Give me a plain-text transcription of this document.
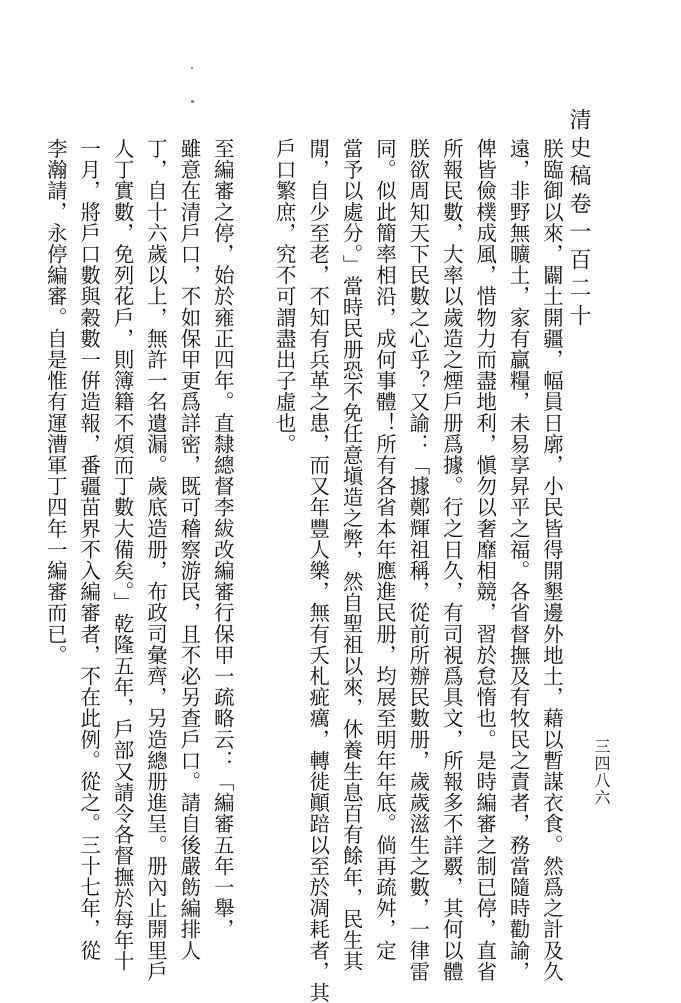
清史稿卷一百二十
朕臨御以來，闢土開疆，幅員日廓，小民皆得開墾邊外地土，藉以暫謀衣食。然爲之計及久
遠，非野無曠土，家有贏糧，未易享昇平之福。各省督撫及有牧民之責者，務當隨時勸諭，
俾皆儉樸成風，惜物力而盡地利，愼勿以奢靡相競，習於怠惰也。是時編審之制已停，直省
所報民數，大率以歲造之煙戶册爲據。行之日久，有司視爲具文，所報多不詳覈，其何以體
朕欲周知天下民數之心乎？又諭：「據鄭輝祖稱，從前所辦民數册，歲歲滋生之數，一律雷
同。似此簡率相沿，成何事體！所有各省本年應進民册，均展至明年年底。倘再疏舛，定
當予以處分。」當時民册恐不免任意塡造之弊，然自聖祖以來，休養生息百有餘年，民生其
閒，自少至老，不知有兵革之患，而又年豐人樂，無有夭札疵癘，轉徙顚踣以至於凋耗者，其
戶口繁庶，究不可謂盡出子虛也。
至編審之停，始於雍正四年。直隸總督李紱改編審行保甲一疏略云：「編審五年一舉，
雖意在清戶口，不如保甲更爲詳密，既可稽察游民，且不必另查戶口。請自後嚴飭編排人
丁，自十六歲以上，無許一名遺漏。歲底造册，布政司彙齊，另造總册進呈。册內止開里戶
人丁實數，免列花戶，則簿籍不煩而丁數大備矣。」乾隆五年，戶部又請令各督撫於每年十
一月，將戶口數與穀數一倂造報，番疆苗界不入編審者，不在此例。從之。三十七年，從
李瀚請，永停編審。自是惟有運漕軍丁四年一編審而已。
三四八六
